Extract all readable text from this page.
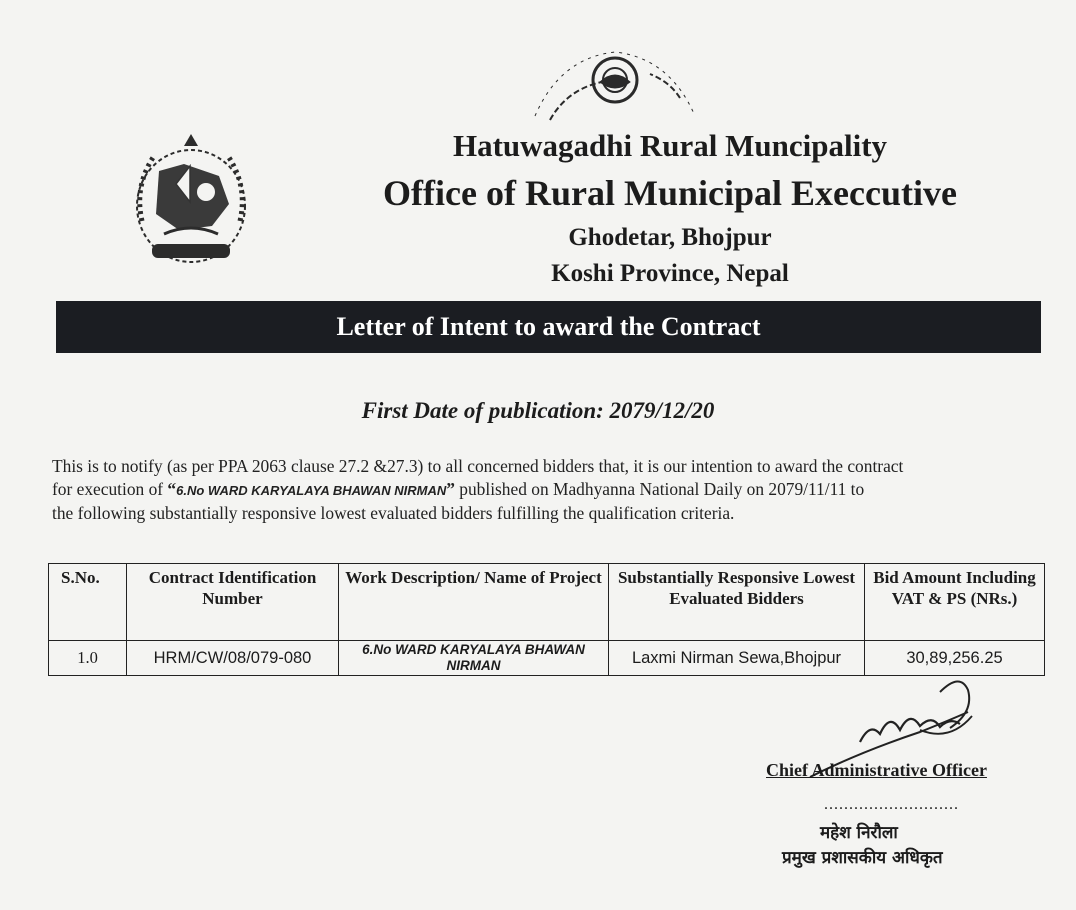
Hatuwagadhi Rural Muncipality
Office of Rural Municipal Execcutive
Ghodetar, Bhojpur
Koshi Province, Nepal
Letter of Intent to award the Contract
First Date of publication: 2079/12/20

This is to notify (as per PPA 2063 clause 27.2 &27.3) to all concerned bidders that, it is our intention to award the contract

for execution of “6.No WARD KARYALAYA BHAWAN NIRMAN” published on Madhyanna National Daily on 2079/11/11 to

the following substantially responsive lowest evaluated bidders fulfilling the qualification criteria.

S.No.	Contract Identification Number	Work Description/ Name of Project	Substantially Responsive Lowest Evaluated Bidders	Bid Amount Including VAT & PS (NRs.)
1.0	HRM/CW/08/079-080	6.No WARD KARYALAYA BHAWAN NIRMAN	Laxmi Nirman Sewa,Bhojpur	30,89,256.25
Chief Administrative Officer
...........................
महेश निरौला
प्रमुख प्रशासकीय अधिकृत
